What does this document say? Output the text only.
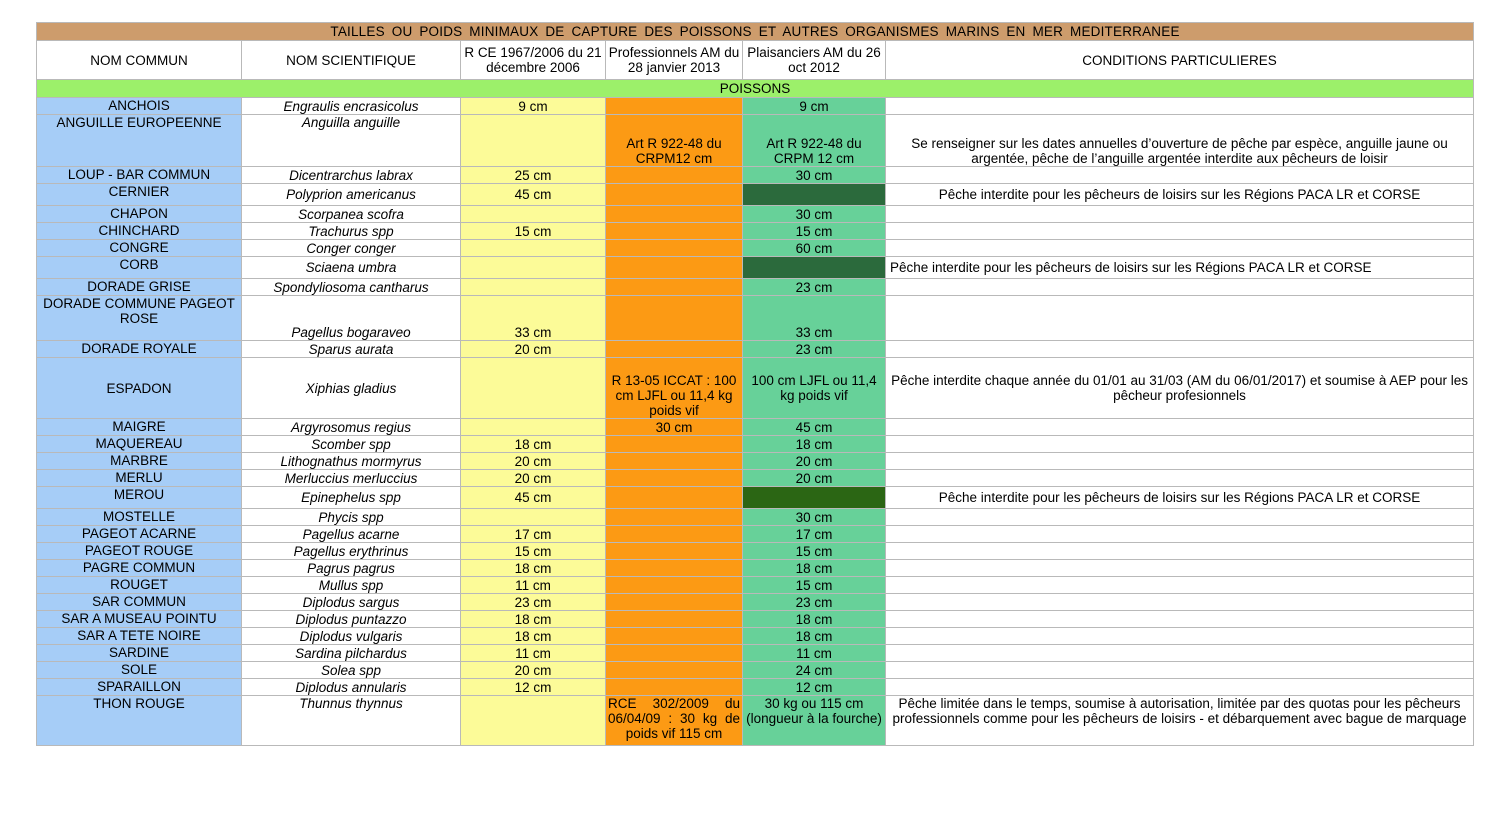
TAILLES OU POIDS MINIMAUX DE CAPTURE DES POISSONS ET AUTRES ORGANISMES MARINS EN MER MEDITERRANEE					
NOM COMMUN	NOM SCIENTIFIQUE	R CE 1967/2006 du 21 décembre 2006	Professionnels AM du 28 janvier 2013	Plaisanciers AM du 26 oct 2012	CONDITIONS PARTICULIERES
POISSONS					
ANCHOIS	Engraulis encrasicolus	9 cm		9 cm	
ANGUILLE EUROPEENNE	Anguilla anguille		Art R 922-48 du CRPM12 cm	Art R 922-48 du CRPM 12 cm	Se renseigner sur les dates annuelles d’ouverture de pêche par espèce, anguille jaune ou argentée, pêche de l’anguille argentée interdite aux pêcheurs de loisir
LOUP - BAR COMMUN	Dicentrarchus labrax	25 cm		30 cm	
CERNIER	Polyprion americanus	45 cm			Pêche interdite pour les pêcheurs de loisirs sur les Régions PACA LR et CORSE
CHAPON	Scorpanea scofra			30 cm	
CHINCHARD	Trachurus spp	15 cm		15 cm	
CONGRE	Conger conger			60 cm	
CORB	Sciaena umbra				Pêche interdite pour les pêcheurs de loisirs sur les Régions PACA LR et CORSE
DORADE GRISE	Spondyliosoma cantharus			23 cm	
DORADE COMMUNE PAGEOT ROSE	Pagellus bogaraveo	33 cm		33 cm	
DORADE ROYALE	Sparus aurata	20 cm		23 cm	
ESPADON	Xiphias gladius		R 13-05 ICCAT : 100 cm LJFL ou 11,4 kg poids vif	100 cm LJFL ou 11,4 kg poids vif	Pêche interdite chaque année du 01/01 au 31/03 (AM du 06/01/2017) et soumise à AEP pour les pêcheur profesionnels
MAIGRE	Argyrosomus regius		30 cm	45 cm	
MAQUEREAU	Scomber spp	18 cm		18 cm	
MARBRE	Lithognathus mormyrus	20 cm		20 cm	
MERLU	Merluccius merluccius	20 cm		20 cm	
MEROU	Epinephelus spp	45 cm			Pêche interdite pour les pêcheurs de loisirs sur les Régions PACA LR et CORSE
MOSTELLE	Phycis spp			30 cm	
PAGEOT ACARNE	Pagellus acarne	17 cm		17 cm	
PAGEOT ROUGE	Pagellus erythrinus	15 cm		15 cm	
PAGRE COMMUN	Pagrus pagrus	18 cm		18 cm	
ROUGET	Mullus spp	11 cm		15 cm	
SAR COMMUN	Diplodus sargus	23 cm		23 cm	
SAR A MUSEAU POINTU	Diplodus puntazzo	18 cm		18 cm	
SAR A TETE NOIRE	Diplodus vulgaris	18 cm		18 cm	
SARDINE	Sardina pilchardus	11 cm		11 cm	
SOLE	Solea spp	20 cm		24 cm	
SPARAILLON	Diplodus annularis	12 cm		12 cm	
THON ROUGE	Thunnus thynnus		RCE 302/2009 du 06/04/09 : 30 kg de poids vif 115 cm	30 kg ou 115 cm (longueur à la fourche)	Pêche limitée dans le temps, soumise à autorisation, limitée par des quotas pour les pêcheurs professionnels comme pour les pêcheurs de loisirs - et débarquement avec bague de marquage
